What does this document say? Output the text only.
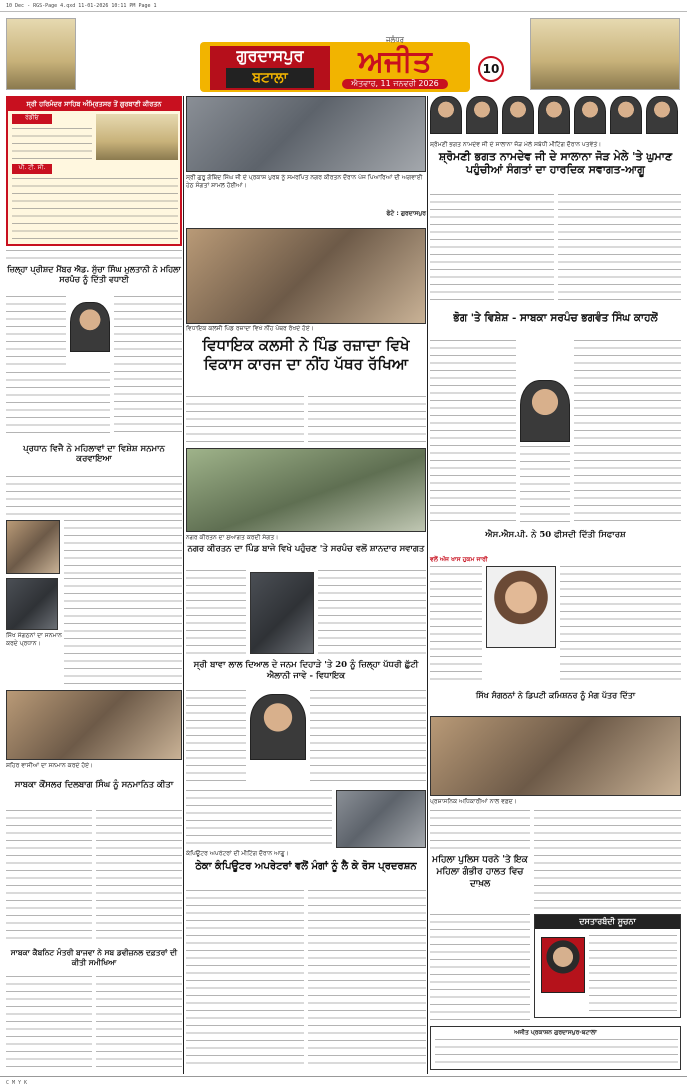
10 Dec - RGS-Page 4.qxd 11-01-2026 10:11 PM Page 1
ਗੁਰਦਾਸਪੁਰ
ਬਟਾਲਾ
ਜਲੰਧਰ
ਅਜੀਤ
ਐਤਵਾਰ, 11 ਜਨਵਰੀ 2026
10
ਸ੍ਰੀ ਹਰਿਮੰਦਰ ਸਾਹਿਬ ਅੰਮ੍ਰਿਤਸਰ ਤੋਂ ਗੁਰਬਾਣੀ ਕੀਰਤਨ
ਰੇਡੀਓ
ਪੀ. ਟੀ. ਸੀ.
ਸ੍ਰੀ ਗੁਰੂ ਗੋਬਿੰਦ ਸਿੰਘ ਜੀ ਦੇ ਪ੍ਰਕਾਸ਼ ਪੁਰਬ ਨੂੰ ਸਮਰਪਿਤ ਨਗਰ ਕੀਰਤਨ ਦੌਰਾਨ ਪੰਜ ਪਿਆਰਿਆਂ ਦੀ ਅਗਵਾਈ ਹੇਠ ਸੰਗਤਾਂ ਸ਼ਾਮਲ ਹੋਈਆਂ।
ਫੋਟੋ : ਗੁਰਦਾਸਪੁਰ
ਸ਼੍ਰੋਮਣੀ ਭਗਤ ਨਾਮਦੇਵ ਜੀ ਦੇ ਸਾਲਾਨਾ ਜੋੜ ਮੇਲੇ ਸਬੰਧੀ ਮੀਟਿੰਗ ਦੌਰਾਨ ਪਤਵੰਤੇ।
ਸ਼੍ਰੋਮਣੀ ਭਗਤ ਨਾਮਦੇਵ ਜੀ ਦੇ ਸਾਲਾਨਾ ਜੋੜ ਮੇਲੇ 'ਤੇ ਘੁਮਾਣ ਪਹੁੰਚੀਆਂ ਸੰਗਤਾਂ ਦਾ ਹਾਰਦਿਕ ਸਵਾਗਤ-ਆਗੂ
ਵਿਧਾਇਕ ਕਲਸੀ ਪਿੰਡ ਰਜ਼ਾਦਾ ਵਿਖੇ ਨੀਂਹ ਪੱਥਰ ਰੱਖਦੇ ਹੋਏ।
ਵਿਧਾਇਕ ਕਲਸੀ ਨੇ ਪਿੰਡ ਰਜ਼ਾਦਾ ਵਿਖੇ ਵਿਕਾਸ ਕਾਰਜ ਦਾ ਨੀਂਹ ਪੱਥਰ ਰੱਖਿਆ
ਜ਼ਿਲ੍ਹਾ ਪ੍ਰੀਸ਼ਦ ਮੈਂਬਰ ਐਡ. ਸੁੱਚਾ ਸਿੰਘ ਮੁਲਤਾਨੀ ਨੇ ਮਹਿਲਾ ਸਰਪੰਚ ਨੂੰ ਦਿੱਤੀ ਵਧਾਈ
ਪ੍ਰਧਾਨ ਵਿਜੈ ਨੇ ਮਹਿਲਾਵਾਂ ਦਾ ਵਿਸ਼ੇਸ਼ ਸਨਮਾਨ ਕਰਵਾਇਆ
ਸਿੱਖ ਸੰਗਠਨਾਂ ਦਾ ਸਨਮਾਨ ਕਰਦੇ ਪ੍ਰਧਾਨ।
ਨਗਰ ਕੀਰਤਨ ਦਾ ਸੁਆਗਤ ਕਰਦੀ ਸੰਗਤ।
ਨਗਰ ਕੀਰਤਨ ਦਾ ਪਿੰਡ ਬਾਜੇ ਵਿਖੇ ਪਹੁੰਚਣ 'ਤੇ ਸਰਪੰਚ ਵਲੋਂ ਸ਼ਾਨਦਾਰ ਸਵਾਗਤ
ਭੋਗ 'ਤੇ ਵਿਸ਼ੇਸ਼ - ਸਾਬਕਾ ਸਰਪੰਚ ਭਗਵੰਤ ਸਿੰਘ ਕਾਹਲੋਂ
ਐਸ.ਐਸ.ਪੀ. ਨੇ 50 ਫੀਸਦੀ ਦਿੱਤੀ ਸਿਫਾਰਸ਼
ਵਲੋਂ ਅੱਜ ਖਾਸ ਹੁਕਮ ਜਾਰੀ
ਸ਼ਹਿਰ ਵਾਸੀਆਂ ਦਾ ਸਨਮਾਨ ਕਰਦੇ ਹੋਏ।
ਸਾਬਕਾ ਕੌਂਸਲਰ ਦਿਲਬਾਗ ਸਿੰਘ ਨੂੰ ਸਨਮਾਨਿਤ ਕੀਤਾ
ਸ੍ਰੀ ਬਾਵਾ ਲਾਲ ਦਿਆਲ ਦੇ ਜਨਮ ਦਿਹਾੜੇ 'ਤੇ 20 ਨੂੰ ਜ਼ਿਲ੍ਹਾ ਪੱਧਰੀ ਛੁੱਟੀ ਐਲਾਨੀ ਜਾਵੇ - ਵਿਧਾਇਕ
ਕੰਪਿਊਟਰ ਅਪਰੇਟਰਾਂ ਦੀ ਮੀਟਿੰਗ ਦੌਰਾਨ ਆਗੂ।
ਠੇਕਾ ਕੰਪਿਊਟਰ ਅਪਰੇਟਰਾਂ ਵਲੋਂ ਮੰਗਾਂ ਨੂੰ ਲੈ ਕੇ ਰੋਸ ਪ੍ਰਦਰਸ਼ਨ
ਸਾਬਕਾ ਕੈਬਨਿਟ ਮੰਤਰੀ ਬਾਜਵਾ ਨੇ ਸਬ ਡਵੀਜ਼ਨਲ ਦਫ਼ਤਰਾਂ ਦੀ ਕੀਤੀ ਸਮੀਖਿਆ
ਸਿੱਖ ਸੰਗਠਨਾਂ ਨੇ ਡਿਪਟੀ ਕਮਿਸ਼ਨਰ ਨੂੰ ਮੰਗ ਪੱਤਰ ਦਿੱਤਾ
ਪ੍ਰਸ਼ਾਸਨਿਕ ਅਧਿਕਾਰੀਆਂ ਨਾਲ ਵਫ਼ਦ।
ਮਹਿਲਾ ਪੁਲਿਸ ਧਰਨੇ 'ਤੇ ਇਕ ਮਹਿਲਾ ਗੰਭੀਰ ਹਾਲਤ ਵਿਚ ਦਾਖ਼ਲ
ਦਸਤਾਰਬੰਦੀ ਸੂਚਨਾ
ਅਜੀਤ ਪ੍ਰਕਾਸ਼ਨ ਗੁਰਦਾਸਪੁਰ-ਬਟਾਲਾ
C M Y K
